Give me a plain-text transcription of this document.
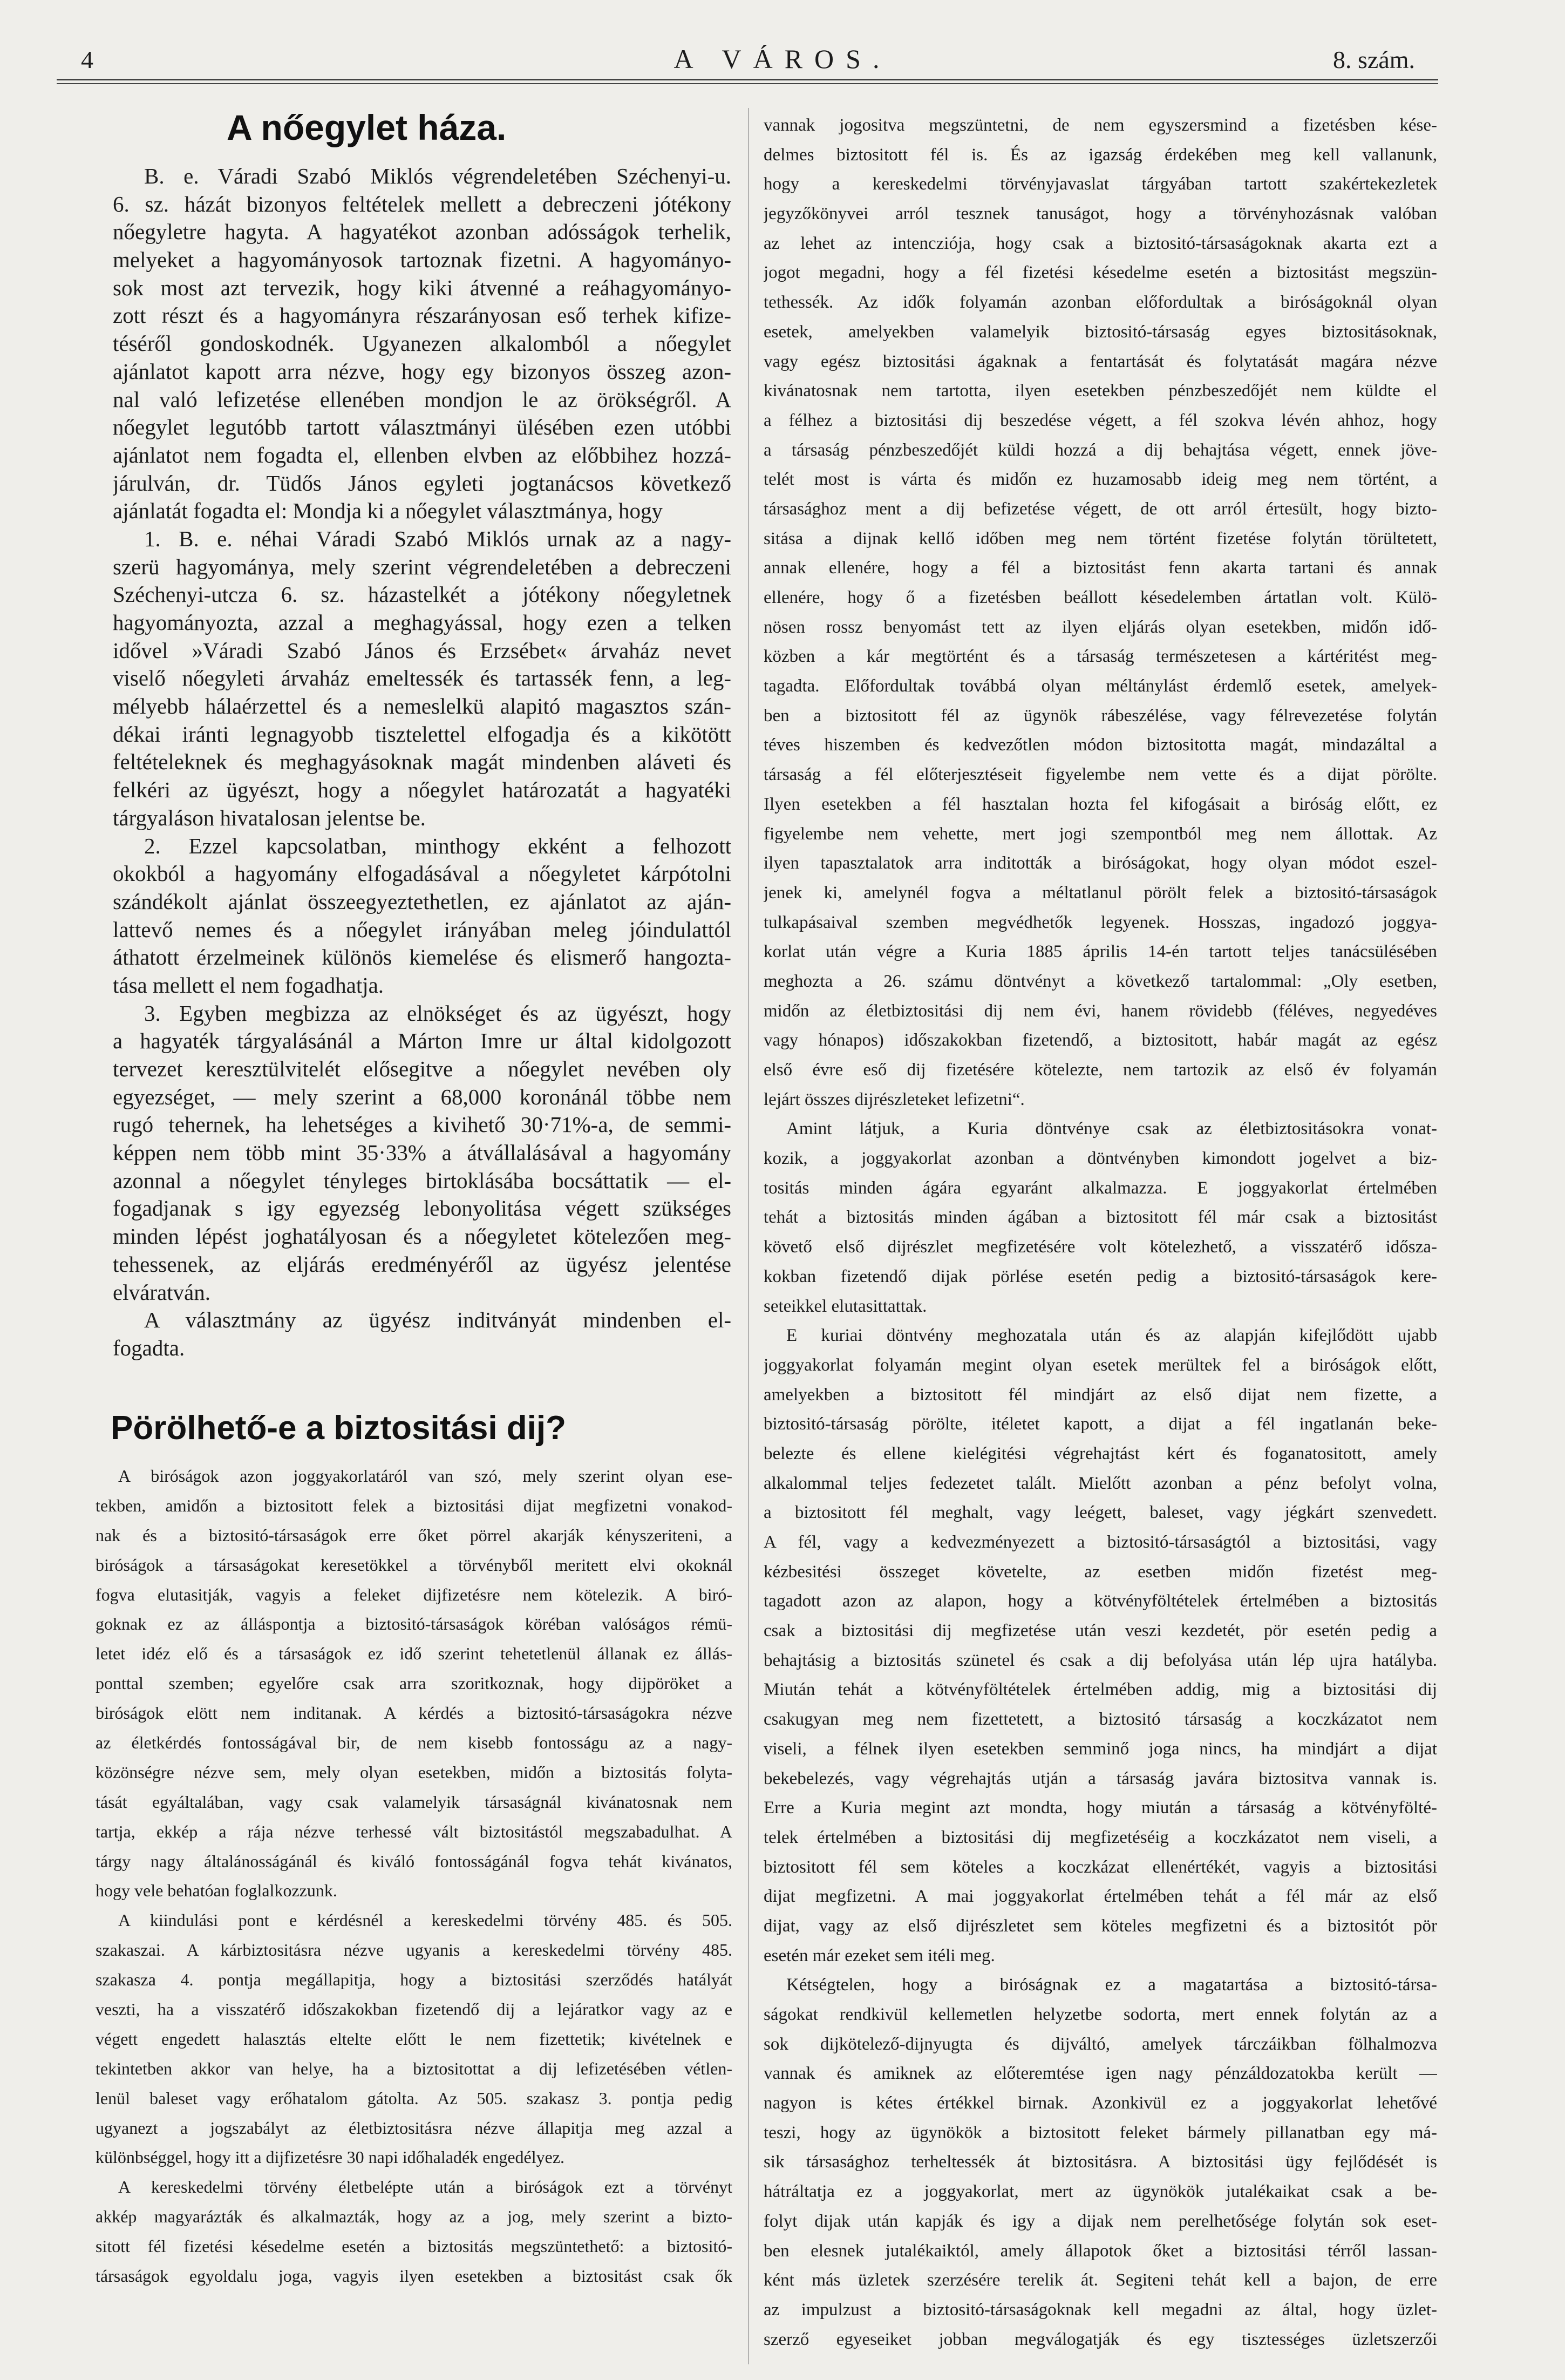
4	A VÁROS.	8. szám.
A nőegylet háza.
B. e. Váradi Szabó Miklós végrendeletében Széchenyi-u.
6. sz. házát bizonyos feltételek mellett a debreczeni jótékony
nőegyletre hagyta. A hagyatékot azonban adósságok terhelik,
melyeket a hagyományosok tartoznak fizetni. A hagyományo-
sok most azt tervezik, hogy kiki átvenné a reáhagyományo-
zott részt és a hagyományra részarányosan eső terhek kifize-
téséről gondoskodnék. Ugyanezen alkalomból a nőegylet
ajánlatot kapott arra nézve, hogy egy bizonyos összeg azon-
nal való lefizetése ellenében mondjon le az örökségről. A
nőegylet legutóbb tartott választmányi ülésében ezen utóbbi
ajánlatot nem fogadta el, ellenben elvben az előbbihez hozzá-
járulván, dr. Tüdős János egyleti jogtanácsos következő
ajánlatát fogadta el: Mondja ki a nőegylet választmánya, hogy
1. B. e. néhai Váradi Szabó Miklós urnak az a nagy-
szerü hagyománya, mely szerint végrendeletében a debreczeni
Széchenyi-utcza 6. sz. házastelkét a jótékony nőegyletnek
hagyományozta, azzal a meghagyással, hogy ezen a telken
idővel »Váradi Szabó János és Erzsébet« árvaház nevet
viselő nőegyleti árvaház emeltessék és tartassék fenn, a leg-
mélyebb hálaérzettel és a nemeslelkü alapitó magasztos szán-
dékai iránti legnagyobb tisztelettel elfogadja és a kikötött
feltételeknek és meghagyásoknak magát mindenben aláveti és
felkéri az ügyészt, hogy a nőegylet határozatát a hagyatéki
tárgyaláson hivatalosan jelentse be.
2. Ezzel kapcsolatban, minthogy ekként a felhozott
okokból a hagyomány elfogadásával a nőegyletet kárpótolni
szándékolt ajánlat összeegyeztethetlen, ez ajánlatot az aján-
lattevő nemes és a nőegylet irányában meleg jóindulattól
áthatott érzelmeinek különös kiemelése és elismerő hangozta-
tása mellett el nem fogadhatja.
3. Egyben megbizza az elnökséget és az ügyészt, hogy
a hagyaték tárgyalásánál a Márton Imre ur által kidolgozott
tervezet keresztülvitelét elősegitve a nőegylet nevében oly
egyezséget, — mely szerint a 68,000 koronánál többe nem
rugó tehernek, ha lehetséges a kivihető 30·71%-a, de semmi-
képpen nem több mint 35·33% a átvállalásával a hagyomány
azonnal a nőegylet tényleges birtoklásába bocsáttatik — el-
fogadjanak s igy egyezség lebonyolitása végett szükséges
minden lépést joghatályosan és a nőegyletet kötelezően meg-
tehessenek, az eljárás eredményéről az ügyész jelentése
elváratván.
A választmány az ügyész inditványát mindenben el-
fogadta.
Pörölhető-e a biztositási dij?
A biróságok azon joggyakorlatáról van szó, mely szerint olyan ese-
tekben, amidőn a biztositott felek a biztositási dijat megfizetni vonakod-
nak és a biztositó-társaságok erre őket pörrel akarják kényszeriteni, a
biróságok a társaságokat keresetökkel a törvényből meritett elvi okoknál
fogva elutasitják, vagyis a feleket dijfizetésre nem kötelezik. A biró-
goknak ez az álláspontja a biztositó-társaságok köréban valóságos rémü-
letet idéz elő és a társaságok ez idő szerint tehetetlenül állanak ez állás-
ponttal szemben; egyelőre csak arra szoritkoznak, hogy dijpöröket a
biróságok elött nem inditanak. A kérdés a biztositó-társaságokra nézve
az életkérdés fontosságával bir, de nem kisebb fontosságu az a nagy-
közönségre nézve sem, mely olyan esetekben, midőn a biztositás folyta-
tását egyáltalában, vagy csak valamelyik társaságnál kivánatosnak nem
tartja, ekkép a rája nézve terhessé vált biztositástól megszabadulhat. A
tárgy nagy általánosságánál és kiváló fontosságánál fogva tehát kivánatos,
hogy vele behatóan foglalkozzunk.
A kiindulási pont e kérdésnél a kereskedelmi törvény 485. és 505.
szakaszai. A kárbiztositásra nézve ugyanis a kereskedelmi törvény 485.
szakasza 4. pontja megállapitja, hogy a biztositási szerződés hatályát
veszti, ha a visszatérő időszakokban fizetendő dij a lejáratkor vagy az e
végett engedett halasztás eltelte előtt le nem fizettetik; kivételnek e
tekintetben akkor van helye, ha a biztositottat a dij lefizetésében vétlen-
lenül baleset vagy erőhatalom gátolta. Az 505. szakasz 3. pontja pedig
ugyanezt a jogszabályt az életbiztositásra nézve állapitja meg azzal a
különbséggel, hogy itt a dijfizetésre 30 napi időhaladék engedélyez.
A kereskedelmi törvény életbelépte után a biróságok ezt a törvényt
akkép magyarázták és alkalmazták, hogy az a jog, mely szerint a bizto-
sitott fél fizetési késedelme esetén a biztositás megszüntethető: a biztositó-
társaságok egyoldalu joga, vagyis ilyen esetekben a biztositást csak ők
vannak jogositva megszüntetni, de nem egyszersmind a fizetésben kése-
delmes biztositott fél is. És az igazság érdekében meg kell vallanunk,
hogy a kereskedelmi törvényjavaslat tárgyában tartott szakértekezletek
jegyzőkönyvei arról tesznek tanuságot, hogy a törvényhozásnak valóban
az lehet az intencziója, hogy csak a biztositó-társaságoknak akarta ezt a
jogot megadni, hogy a fél fizetési késedelme esetén a biztositást megszün-
tethessék. Az idők folyamán azonban előfordultak a biróságoknál olyan
esetek, amelyekben valamelyik biztositó-társaság egyes biztositásoknak,
vagy egész biztositási ágaknak a fentartását és folytatását magára nézve
kivánatosnak nem tartotta, ilyen esetekben pénzbeszedőjét nem küldte el
a félhez a biztositási dij beszedése végett, a fél szokva lévén ahhoz, hogy
a társaság pénzbeszedőjét küldi hozzá a dij behajtása végett, ennek jöve-
telét most is várta és midőn ez huzamosabb ideig meg nem történt, a
társasághoz ment a dij befizetése végett, de ott arról értesült, hogy bizto-
sitása a dijnak kellő időben meg nem történt fizetése folytán törültetett,
annak ellenére, hogy a fél a biztositást fenn akarta tartani és annak
ellenére, hogy ő a fizetésben beállott késedelemben ártatlan volt. Külö-
nösen rossz benyomást tett az ilyen eljárás olyan esetekben, midőn idő-
közben a kár megtörtént és a társaság természetesen a kártéritést meg-
tagadta. Előfordultak továbbá olyan méltánylást érdemlő esetek, amelyek-
ben a biztositott fél az ügynök rábeszélése, vagy félrevezetése folytán
téves hiszemben és kedvezőtlen módon biztositotta magát, mindazáltal a
társaság a fél előterjesztéseit figyelembe nem vette és a dijat pörölte.
Ilyen esetekben a fél hasztalan hozta fel kifogásait a biróság előtt, ez
figyelembe nem vehette, mert jogi szempontból meg nem állottak. Az
ilyen tapasztalatok arra inditották a biróságokat, hogy olyan módot eszel-
jenek ki, amelynél fogva a méltatlanul pörölt felek a biztositó-társaságok
tulkapásaival szemben megvédhetők legyenek. Hosszas, ingadozó joggya-
korlat után végre a Kuria 1885 április 14-én tartott teljes tanácsülésében
meghozta a 26. számu döntvényt a következő tartalommal: „Oly esetben,
midőn az életbiztositási dij nem évi, hanem rövidebb (féléves, negyedéves
vagy hónapos) időszakokban fizetendő, a biztositott, habár magát az egész
első évre eső dij fizetésére kötelezte, nem tartozik az első év folyamán
lejárt összes dijrészleteket lefizetni“.
Amint látjuk, a Kuria döntvénye csak az életbiztositásokra vonat-
kozik, a joggyakorlat azonban a döntvényben kimondott jogelvet a biz-
tositás minden ágára egyaránt alkalmazza. E joggyakorlat értelmében
tehát a biztositás minden ágában a biztositott fél már csak a biztositást
követő első dijrészlet megfizetésére volt kötelezhető, a visszatérő idősza-
kokban fizetendő dijak pörlése esetén pedig a biztositó-társaságok kere-
seteikkel elutasittattak.
E kuriai döntvény meghozatala után és az alapján kifejlődött ujabb
joggyakorlat folyamán megint olyan esetek merültek fel a biróságok előtt,
amelyekben a biztositott fél mindjárt az első dijat nem fizette, a
biztositó-társaság pörölte, itéletet kapott, a dijat a fél ingatlanán beke-
belezte és ellene kielégitési végrehajtást kért és foganatositott, amely
alkalommal teljes fedezetet talált. Mielőtt azonban a pénz befolyt volna,
a biztositott fél meghalt, vagy leégett, baleset, vagy jégkárt szenvedett.
A fél, vagy a kedvezményezett a biztositó-társaságtól a biztositási, vagy
kézbesitési összeget követelte, az esetben midőn fizetést meg-
tagadott azon az alapon, hogy a kötvényföltételek értelmében a biztositás
csak a biztositási dij megfizetése után veszi kezdetét, pör esetén pedig a
behajtásig a biztositás szünetel és csak a dij befolyása után lép ujra hatályba.
Miután tehát a kötvényföltételek értelmében addig, mig a biztositási dij
csakugyan meg nem fizettetett, a biztositó társaság a koczkázatot nem
viseli, a félnek ilyen esetekben semminő joga nincs, ha mindjárt a dijat
bekebelezés, vagy végrehajtás utján a társaság javára biztositva vannak is.
Erre a Kuria megint azt mondta, hogy miután a társaság a kötvényfölté-
telek értelmében a biztositási dij megfizetéséig a koczkázatot nem viseli, a
biztositott fél sem köteles a koczkázat ellenértékét, vagyis a biztositási
dijat megfizetni. A mai joggyakorlat értelmében tehát a fél már az első
dijat, vagy az első dijrészletet sem köteles megfizetni és a biztositót pör
esetén már ezeket sem itéli meg.
Kétségtelen, hogy a biróságnak ez a magatartása a biztositó-társa-
ságokat rendkivül kellemetlen helyzetbe sodorta, mert ennek folytán az a
sok dijkötelező-dijnyugta és dijváltó, amelyek tárczáikban fölhalmozva
vannak és amiknek az előteremtése igen nagy pénzáldozatokba került —
nagyon is kétes értékkel birnak. Azonkivül ez a joggyakorlat lehetővé
teszi, hogy az ügynökök a biztositott feleket bármely pillanatban egy má-
sik társasághoz terheltessék át biztositásra. A biztositási ügy fejlődését is
hátráltatja ez a joggyakorlat, mert az ügynökök jutalékaikat csak a be-
folyt dijak után kapják és igy a dijak nem perelhetősége folytán sok eset-
ben elesnek jutalékaiktól, amely állapotok őket a biztositási térről lassan-
ként más üzletek szerzésére terelik át. Segiteni tehát kell a bajon, de erre
az impulzust a biztositó-társaságoknak kell megadni az által, hogy üzlet-
szerző egyeseiket jobban megválogatják és egy tisztességes üzletszerzői
